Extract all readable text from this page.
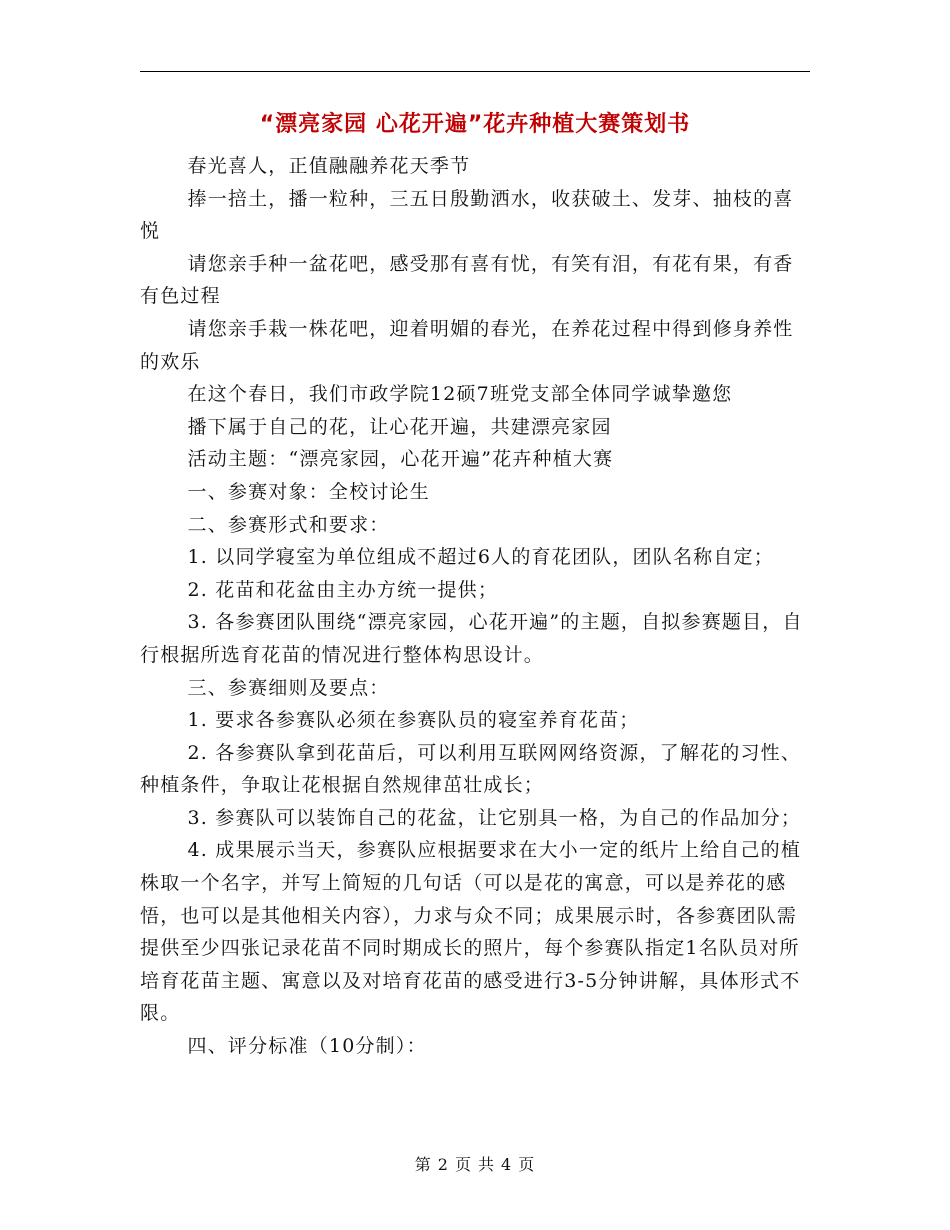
“漂亮家园 心花开遍”花卉种植大赛策划书

春光喜人，正值融融养花天季节

捧一掊土，播一粒种，三五日殷勤洒水，收获破土、发芽、抽枝的喜悦

请您亲手种一盆花吧，感受那有喜有忧，有笑有泪，有花有果，有香有色过程

请您亲手栽一株花吧，迎着明媚的春光，在养花过程中得到修身养性的欢乐

在这个春日，我们市政学院12硕7班党支部全体同学诚挚邀您

播下属于自己的花，让心花开遍，共建漂亮家园

活动主题：“漂亮家园，心花开遍”花卉种植大赛

一、参赛对象：全校讨论生

二、参赛形式和要求：

1. 以同学寝室为单位组成不超过6人的育花团队，团队名称自定；

2. 花苗和花盆由主办方统一提供；

3. 各参赛团队围绕“漂亮家园，心花开遍”的主题，自拟参赛题目，自行根据所选育花苗的情况进行整体构思设计。

三、参赛细则及要点：

1. 要求各参赛队必须在参赛队员的寝室养育花苗；

2. 各参赛队拿到花苗后，可以利用互联网网络资源，了解花的习性、种植条件，争取让花根据自然规律茁壮成长；

3. 参赛队可以装饰自己的花盆，让它别具一格，为自己的作品加分；

4. 成果展示当天，参赛队应根据要求在大小一定的纸片上给自己的植株取一个名字，并写上简短的几句话（可以是花的寓意，可以是养花的感悟，也可以是其他相关内容），力求与众不同；成果展示时，各参赛团队需提供至少四张记录花苗不同时期成长的照片，每个参赛队指定1名队员对所培育花苗主题、寓意以及对培育花苗的感受进行3-5分钟讲解，具体形式不限。

四、评分标准（10分制）：

第 2 页 共 4 页
